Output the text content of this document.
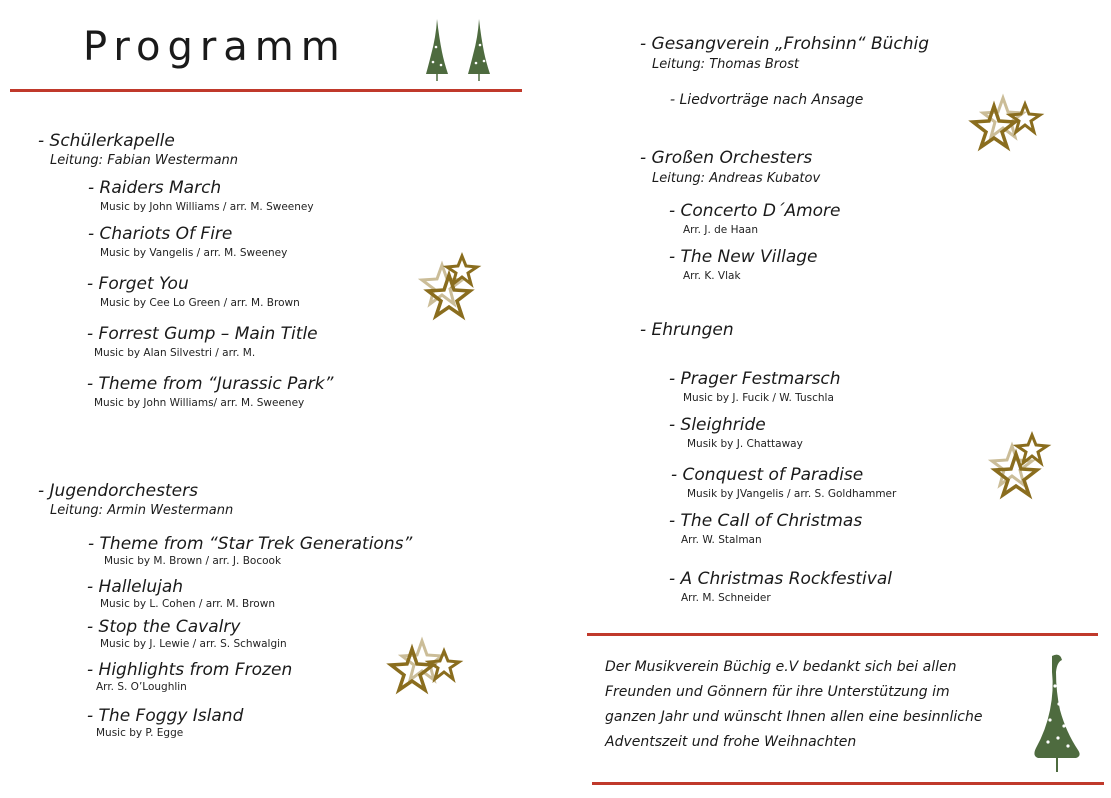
Programm
- Schülerkapelle
Leitung: Fabian Westermann
- Raiders March
Music by John Williams / arr. M. Sweeney
- Chariots Of Fire
Music by Vangelis / arr. M. Sweeney
- Forget You
Music by Cee Lo Green / arr. M. Brown
- Forrest Gump – Main Title
Music by Alan Silvestri / arr. M.
- Theme from “Jurassic Park”
Music by John Williams/ arr. M. Sweeney
- Jugendorchesters
Leitung: Armin Westermann
- Theme from “Star Trek Generations”
Music by M. Brown / arr. J. Bocook
- Hallelujah
Music by L. Cohen / arr. M. Brown
- Stop the Cavalry
Music by J. Lewie / arr. S. Schwalgin
- Highlights from Frozen
Arr. S. O’Loughlin
- The Foggy Island
Music by P. Egge
- Gesangverein „Frohsinn“ Büchig
Leitung: Thomas Brost
- Liedvorträge nach Ansage
- Großen Orchesters
Leitung: Andreas Kubatov
- Concerto D´Amore
Arr. J. de Haan
- The New Village
Arr. K. Vlak
- Ehrungen
- Prager Festmarsch
Music by J. Fucik / W. Tuschla
- Sleighride
Musik by J. Chattaway
- Conquest of Paradise
Musik by JVangelis / arr. S. Goldhammer
- The Call of Christmas
Arr. W. Stalman
- A Christmas Rockfestival
Arr. M. Schneider
Der Musikverein Büchig e.V bedankt sich bei allen Freunden und Gönnern für ihre Unterstützung im ganzen Jahr und wünscht Ihnen allen eine besinnliche Adventszeit und frohe Weihnachten
